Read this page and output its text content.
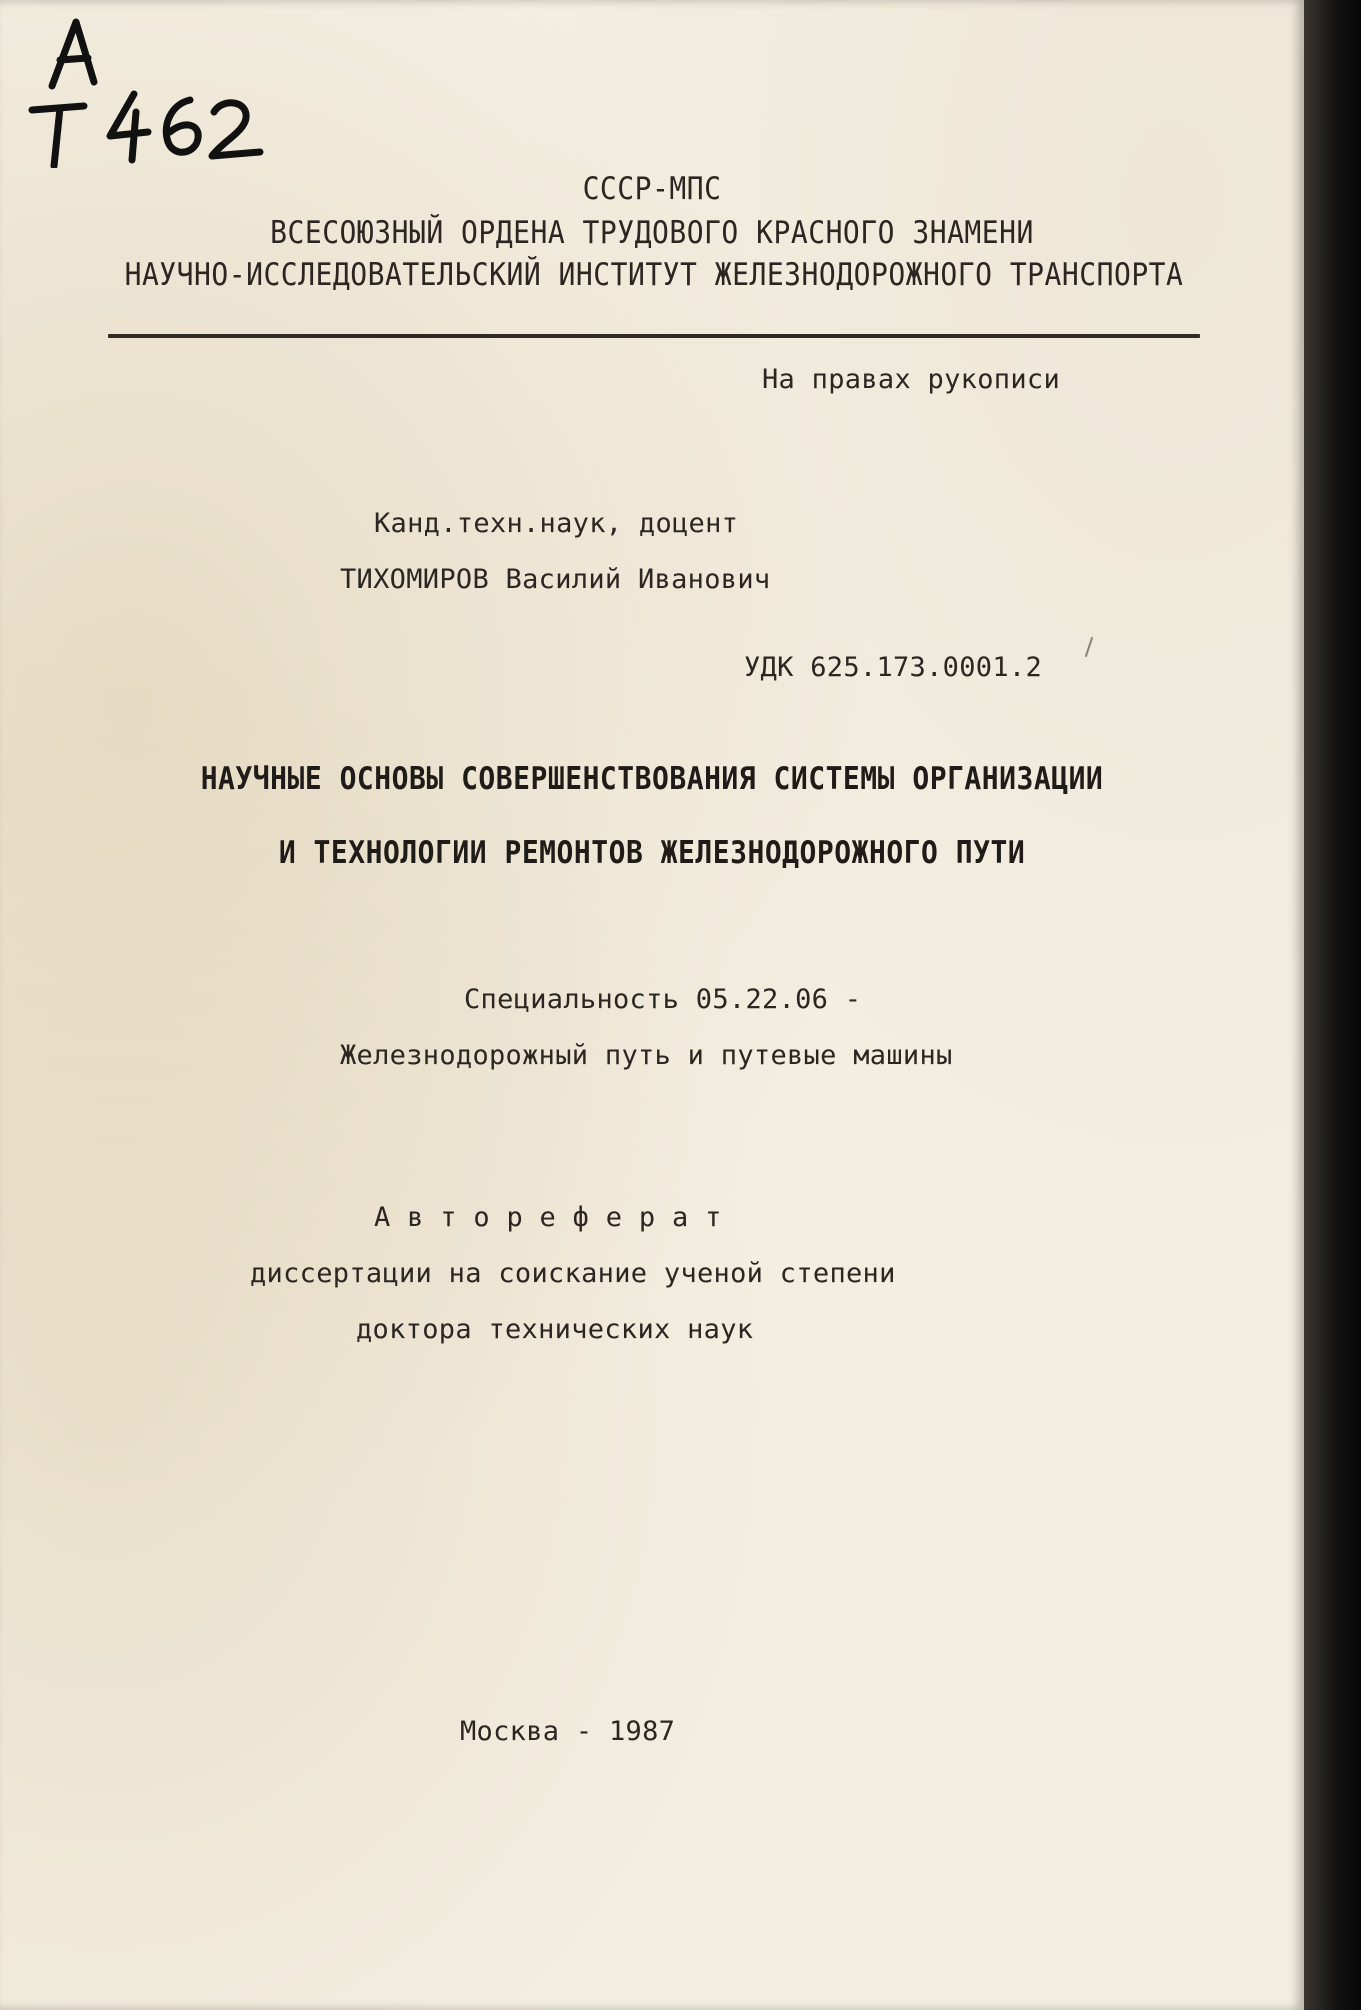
СССР-МПС

ВСЕСОЮЗНЫЙ ОРДЕНА ТРУДОВОГО КРАСНОГО ЗНАМЕНИ

НАУЧНО-ИССЛЕДОВАТЕЛЬСКИЙ ИНСТИТУТ ЖЕЛЕЗНОДОРОЖНОГО ТРАНСПОРТА

На правах рукописи

Канд.техн.наук, доцент

ТИХОМИРОВ Василий Иванович

УДК 625.173.0001.2

НАУЧНЫЕ ОСНОВЫ СОВЕРШЕНСТВОВАНИЯ СИСТЕМЫ ОРГАНИЗАЦИИ

И ТЕХНОЛОГИИ РЕМОНТОВ ЖЕЛЕЗНОДОРОЖНОГО ПУТИ

Специальность 05.22.06 -

Железнодорожный путь и путевые машины

А в т о р е ф е р а т

диссертации на соискание ученой степени

доктора технических наук

Москва - 1987
